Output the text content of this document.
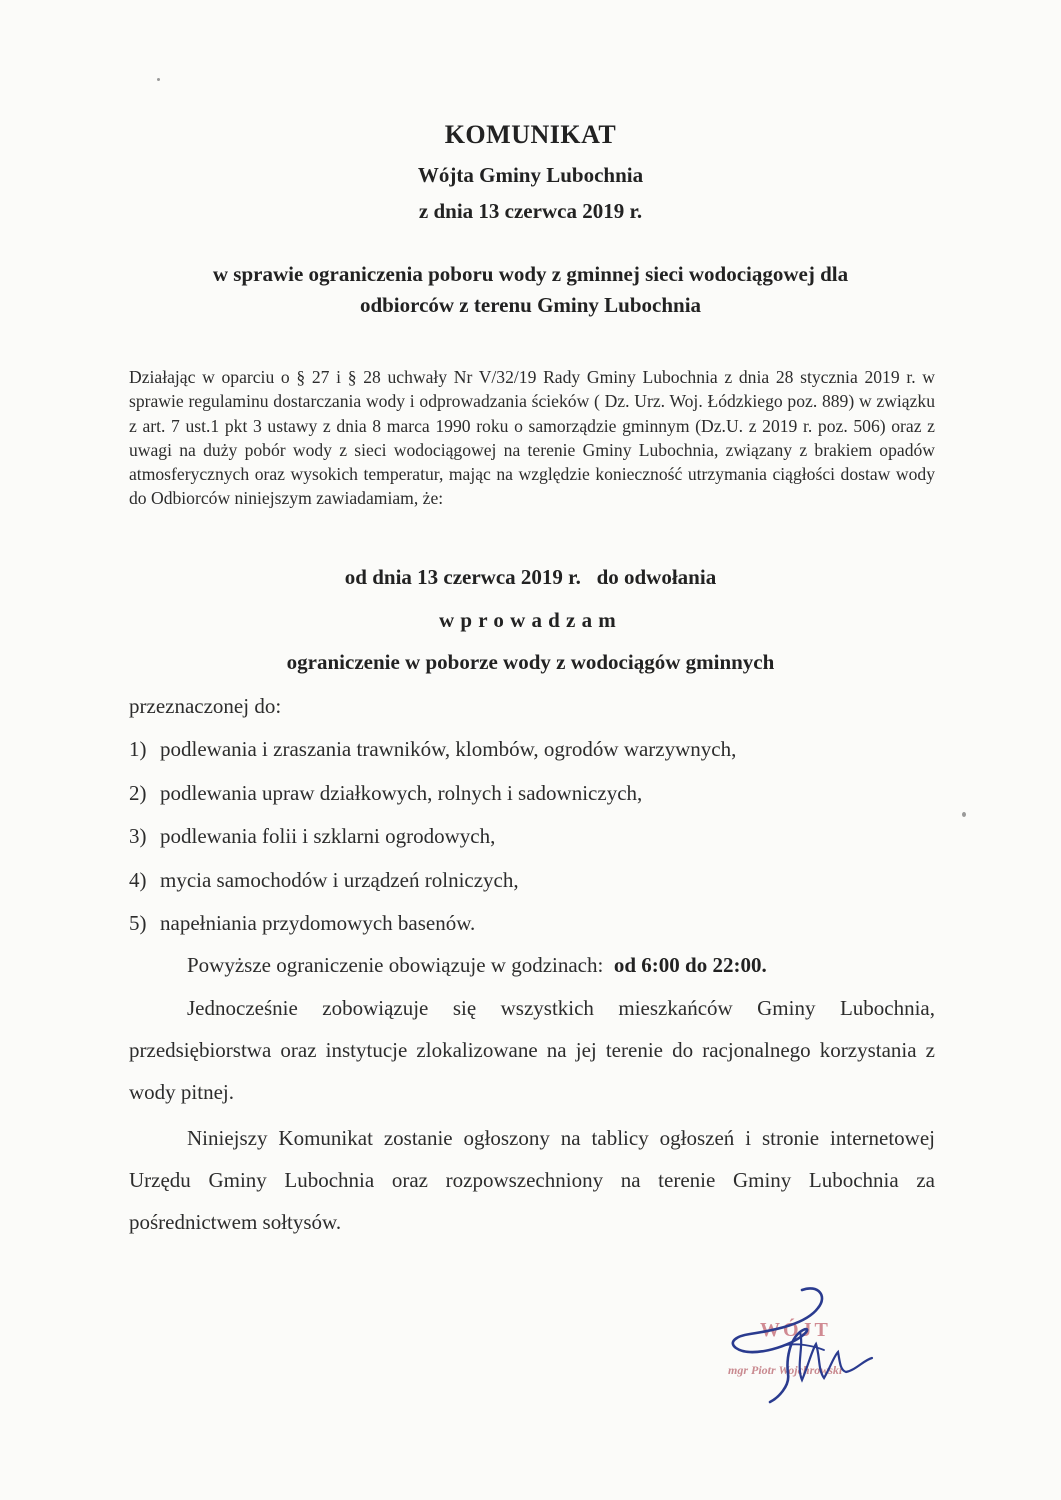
KOMUNIKAT
Wójta Gminy Lubochnia
z dnia 13 czerwca 2019 r.
w sprawie ograniczenia poboru wody z gminnej sieci wodociągowej dla
odbiorców z terenu Gminy Lubochnia
Działając w oparciu o § 27 i § 28 uchwały Nr V/32/19 Rady Gminy Lubochnia z dnia 28 stycznia 2019 r. w sprawie regulaminu dostarczania wody i odprowadzania ścieków ( Dz. Urz. Woj. Łódzkiego poz. 889) w związku z art. 7 ust.1 pkt 3 ustawy z dnia 8 marca 1990 roku o samorządzie gminnym (Dz.U. z 2019 r. poz. 506) oraz z uwagi na duży pobór wody z sieci wodociągowej na terenie Gminy Lubochnia, związany z brakiem opadów atmosferycznych oraz wysokich temperatur, mając na względzie konieczność utrzymania ciągłości dostaw wody do Odbiorców niniejszym zawiadamiam, że:
od dnia 13 czerwca 2019 r.   do odwołania
wprowadzam
ograniczenie w poborze wody z wodociągów gminnych
przeznaczonej do:
1) podlewania i zraszania trawników, klombów, ogrodów warzywnych,
2) podlewania upraw działkowych, rolnych i sadowniczych,
3) podlewania folii i szklarni ogrodowych,
4) mycia samochodów i urządzeń rolniczych,
5) napełniania przydomowych basenów.
Powyższe ograniczenie obowiązuje w godzinach: od 6:00 do 22:00.
Jednocześnie zobowiązuje się wszystkich mieszkańców Gminy Lubochnia, przedsiębiorstwa oraz instytucje zlokalizowane na jej terenie do racjonalnego korzystania z wody pitnej.
Niniejszy Komunikat zostanie ogłoszony na tablicy ogłoszeń i stronie internetowej Urzędu Gminy Lubochnia oraz rozpowszechniony na terenie Gminy Lubochnia za pośrednictwem sołtysów.
WÓJT
mgr Piotr Wojchrowski
